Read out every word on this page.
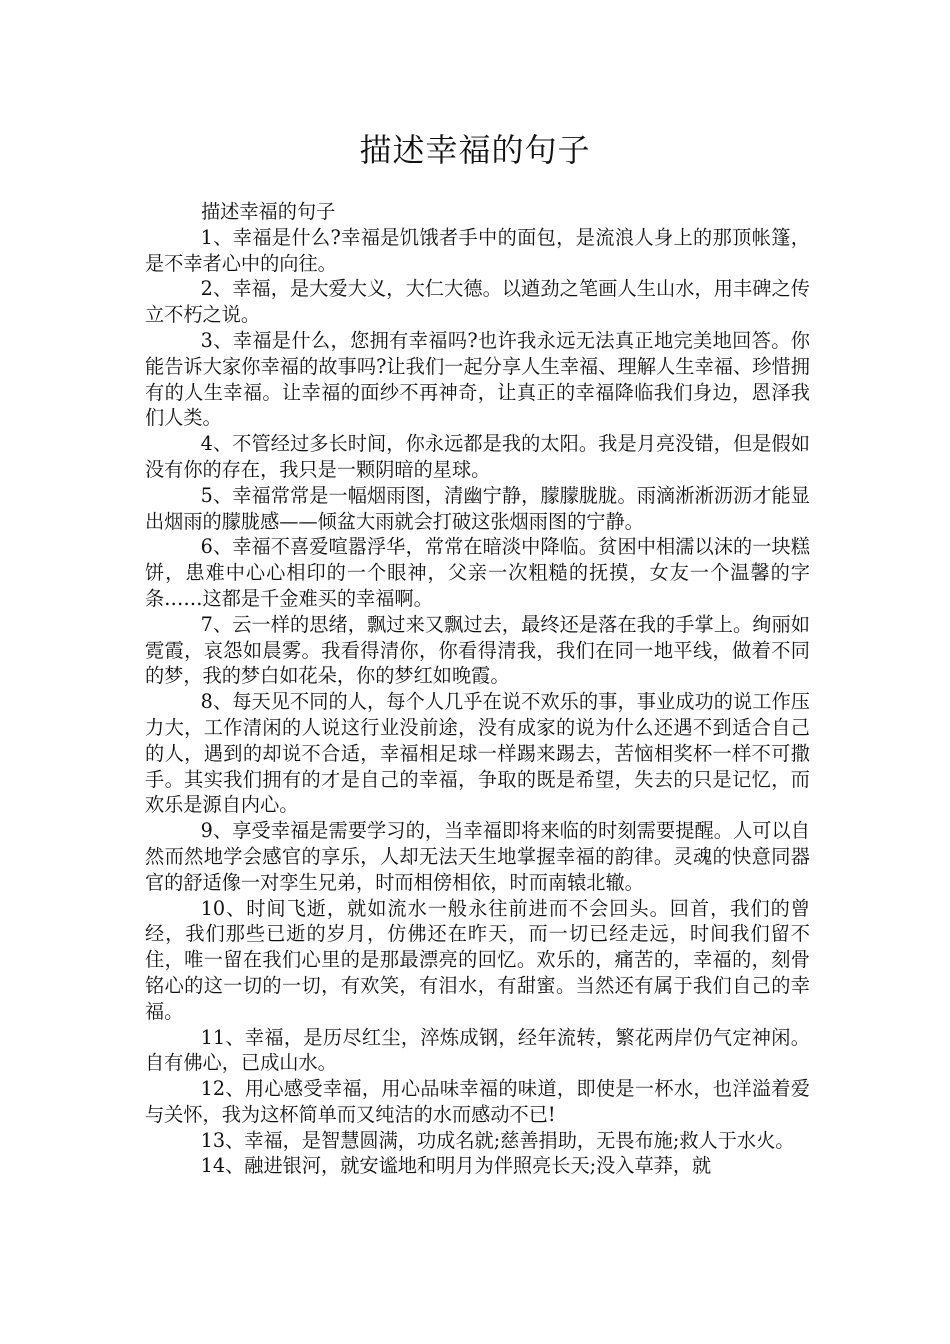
描述幸福的句子
描述幸福的句子

1、幸福是什么?幸福是饥饿者手中的面包，是流浪人身上的那顶帐篷，是不幸者心中的向往。

2、幸福，是大爱大义，大仁大德。以遒劲之笔画人生山水，用丰碑之传立不朽之说。

3、幸福是什么，您拥有幸福吗?也许我永远无法真正地完美地回答。你能告诉大家你幸福的故事吗?让我们一起分享人生幸福、理解人生幸福、珍惜拥有的人生幸福。让幸福的面纱不再神奇，让真正的幸福降临我们身边，恩泽我们人类。

4、不管经过多长时间，你永远都是我的太阳。我是月亮没错，但是假如没有你的存在，我只是一颗阴暗的星球。

5、幸福常常是一幅烟雨图，清幽宁静，朦朦胧胧。雨滴淅淅沥沥才能显出烟雨的朦胧感——倾盆大雨就会打破这张烟雨图的宁静。

6、幸福不喜爱喧嚣浮华，常常在暗淡中降临。贫困中相濡以沫的一块糕饼，患难中心心相印的一个眼神，父亲一次粗糙的抚摸，女友一个温馨的字条……这都是千金难买的幸福啊。

7、云一样的思绪，飘过来又飘过去，最终还是落在我的手掌上。绚丽如霓霞，哀怨如晨雾。我看得清你，你看得清我，我们在同一地平线，做着不同的梦，我的梦白如花朵，你的梦红如晚霞。

8、每天见不同的人，每个人几乎在说不欢乐的事，事业成功的说工作压力大，工作清闲的人说这行业没前途，没有成家的说为什么还遇不到适合自己的人，遇到的却说不合适，幸福相足球一样踢来踢去，苦恼相奖杯一样不可撒手。其实我们拥有的才是自己的幸福，争取的既是希望，失去的只是记忆，而欢乐是源自内心。

9、享受幸福是需要学习的，当幸福即将来临的时刻需要提醒。人可以自然而然地学会感官的享乐，人却无法天生地掌握幸福的韵律。灵魂的快意同器官的舒适像一对孪生兄弟，时而相傍相依，时而南辕北辙。

10、时间飞逝，就如流水一般永往前进而不会回头。回首，我们的曾经，我们那些已逝的岁月，仿佛还在昨天，而一切已经走远，时间我们留不住，唯一留在我们心里的是那最漂亮的回忆。欢乐的，痛苦的，幸福的，刻骨铭心的这一切的一切，有欢笑，有泪水，有甜蜜。当然还有属于我们自己的幸福。

11、幸福，是历尽红尘，淬炼成钢，经年流转，繁花两岸仍气定神闲。自有佛心，已成山水。

12、用心感受幸福，用心品味幸福的味道，即使是一杯水，也洋溢着爱与关怀，我为这杯简单而又纯洁的水而感动不已!

13、幸福，是智慧圆满，功成名就;慈善捐助，无畏布施;救人于水火。

14、融进银河，就安谧地和明月为伴照亮长天;没入草莽，就
